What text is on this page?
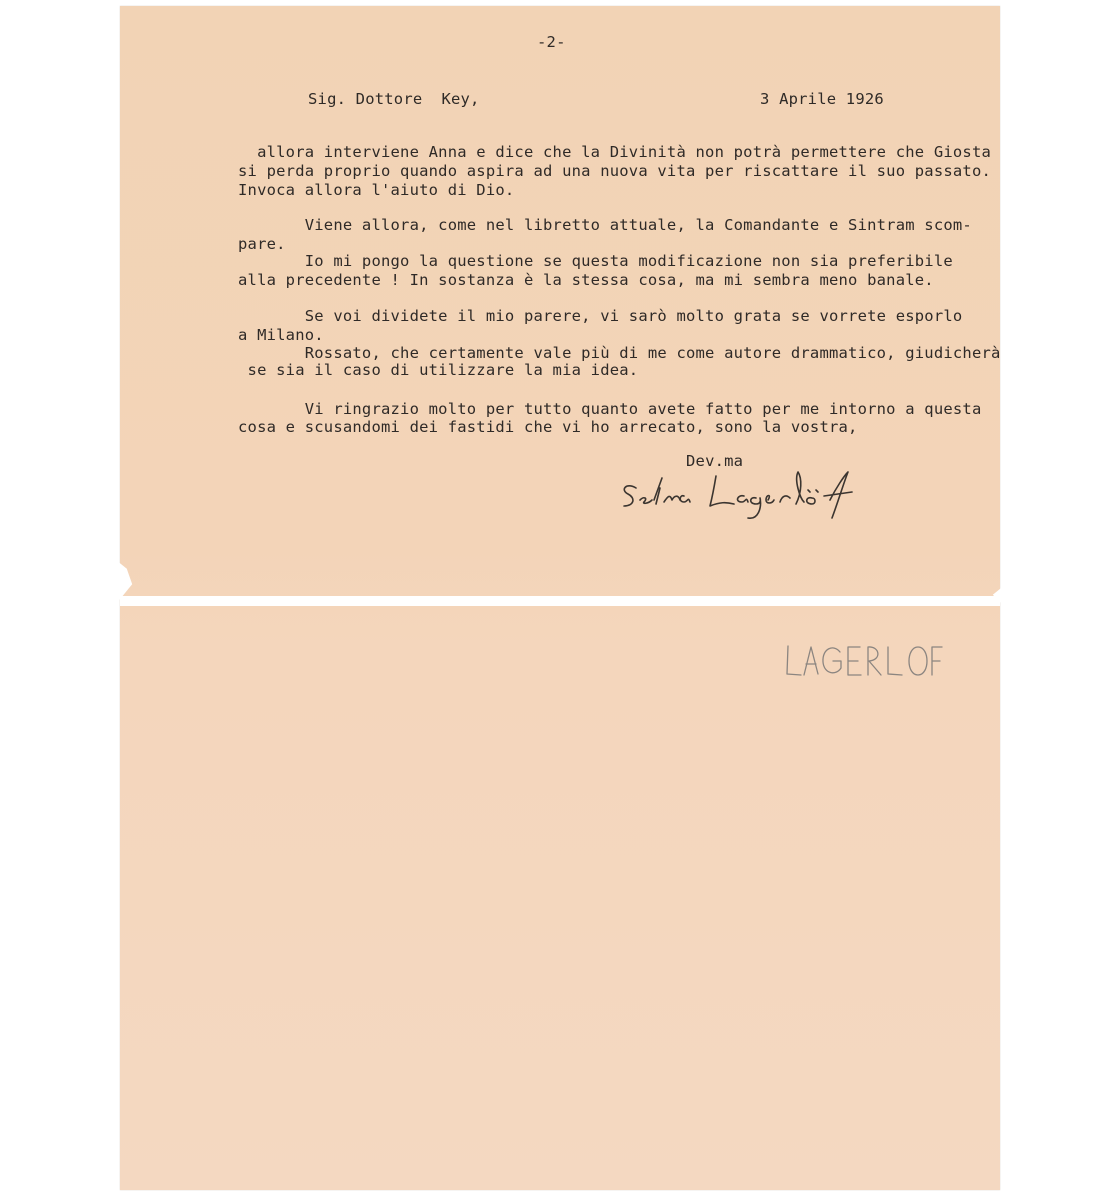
-2-
Sig. Dottore  Key,	3 Aprile 1926
allora interviene Anna e dice che la Divinità non potrà permettere che Giosta
si perda proprio quando aspira ad una nuova vita per riscattare il suo passato.
Invoca allora l'aiuto di Dio.
Viene allora, come nel libretto attuale, la Comandante e Sintram scom-
pare.
Io mi pongo la questione se questa modificazione non sia preferibile
alla precedente ! In sostanza è la stessa cosa, ma mi sembra meno banale.
Se voi dividete il mio parere, vi sarò molto grata se vorrete esporlo
a Milano.
Rossato, che certamente vale più di me come autore drammatico, giudicherà
se sia il caso di utilizzare la mia idea.
Vi ringrazio molto per tutto quanto avete fatto per me intorno a questa
cosa e scusandomi dei fastidi che vi ho arrecato, sono la vostra,
Dev.ma
